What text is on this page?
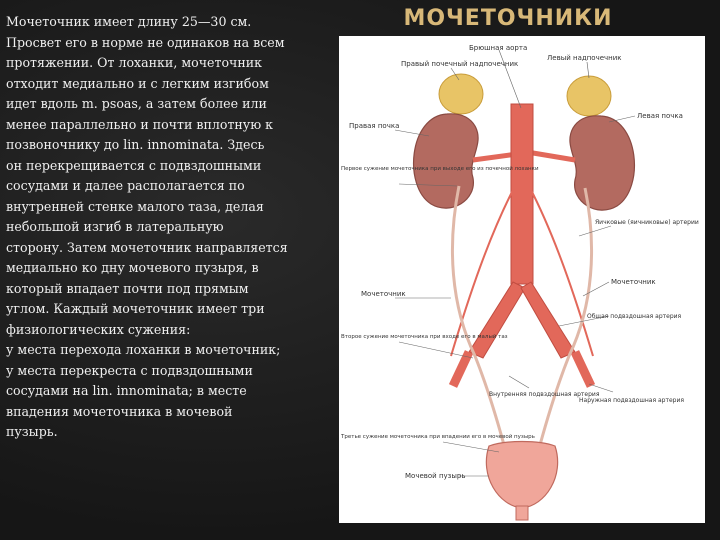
МОЧЕТОЧНИКИ

Мочеточник имеет длину 25—30 см.

Просвет его в норме не одинаков на всем

протяжении. От лоханки, мочеточник

отходит медиально и с легким изгибом

идет вдоль m. psoas, а затем более или

менее параллельно и почти вплотную к

позвоночнику до lin. innominata. Здесь

он перекрещивается с подвздошными

сосудами и далее располагается по

внутренней стенке малого таза, делая

небольшой изгиб в латеральную

сторону. Затем мочеточник направляется

медиально ко дну мочевого пузыря, в

который впадает почти под прямым

углом. Каждый мочеточник имеет три

физиологических сужения:

у места перехода лоханки в мочеточник;

у места перекреста с подвздошными

сосудами на lin. innominata; в месте

впадения мочеточника в мочевой

пузырь.

Брюшная аорта
Правый почечный надпочечник
Левый надпочечник
Правая почка
Левая почка
Первое сужение мочеточника при выходе его из почечной лоханки
Яичковые (яичниковые) артерии
Мочеточник
Мочеточник
Общая подвздошная артерия
Второе сужение мочеточника при входе его в малый таз
Внутренняя подвздошная артерия
Наружная подвздошная артерия
Третье сужение мочеточника при впадении его в мочевой пузырь
Мочевой пузырь
